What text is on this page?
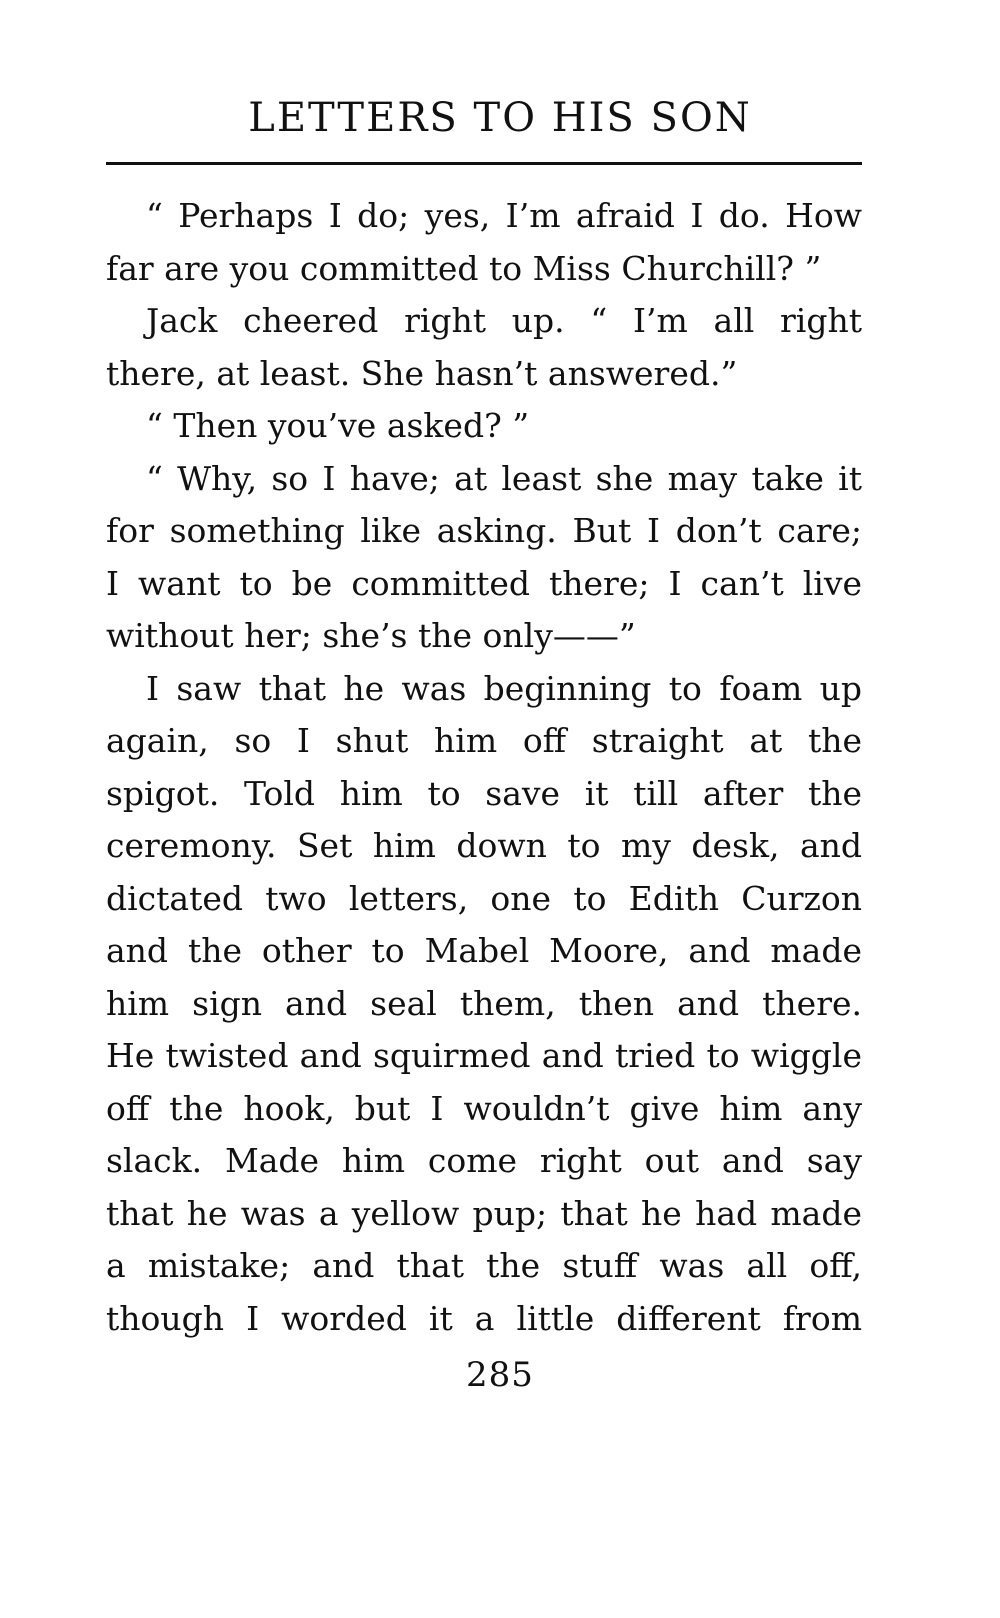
LETTERS TO HIS SON
“ Perhaps I do; yes, I’m afraid I do. How
far are you committed to Miss Churchill? ”
Jack cheered right up. “ I’m all right
there, at least. She hasn’t answered.”
“ Then you’ve asked? ”
“ Why, so I have; at least she may take it
for something like asking. But I don’t care;
I want to be committed there; I can’t live
without her; she’s the only——”
I saw that he was beginning to foam up
again, so I shut him off straight at the
spigot. Told him to save it till after the
ceremony. Set him down to my desk, and
dictated two letters, one to Edith Curzon
and the other to Mabel Moore, and made
him sign and seal them, then and there.
He twisted and squirmed and tried to wiggle
off the hook, but I wouldn’t give him any
slack. Made him come right out and say
that he was a yellow pup; that he had made
a mistake; and that the stuff was all off,
though I worded it a little different from
285
